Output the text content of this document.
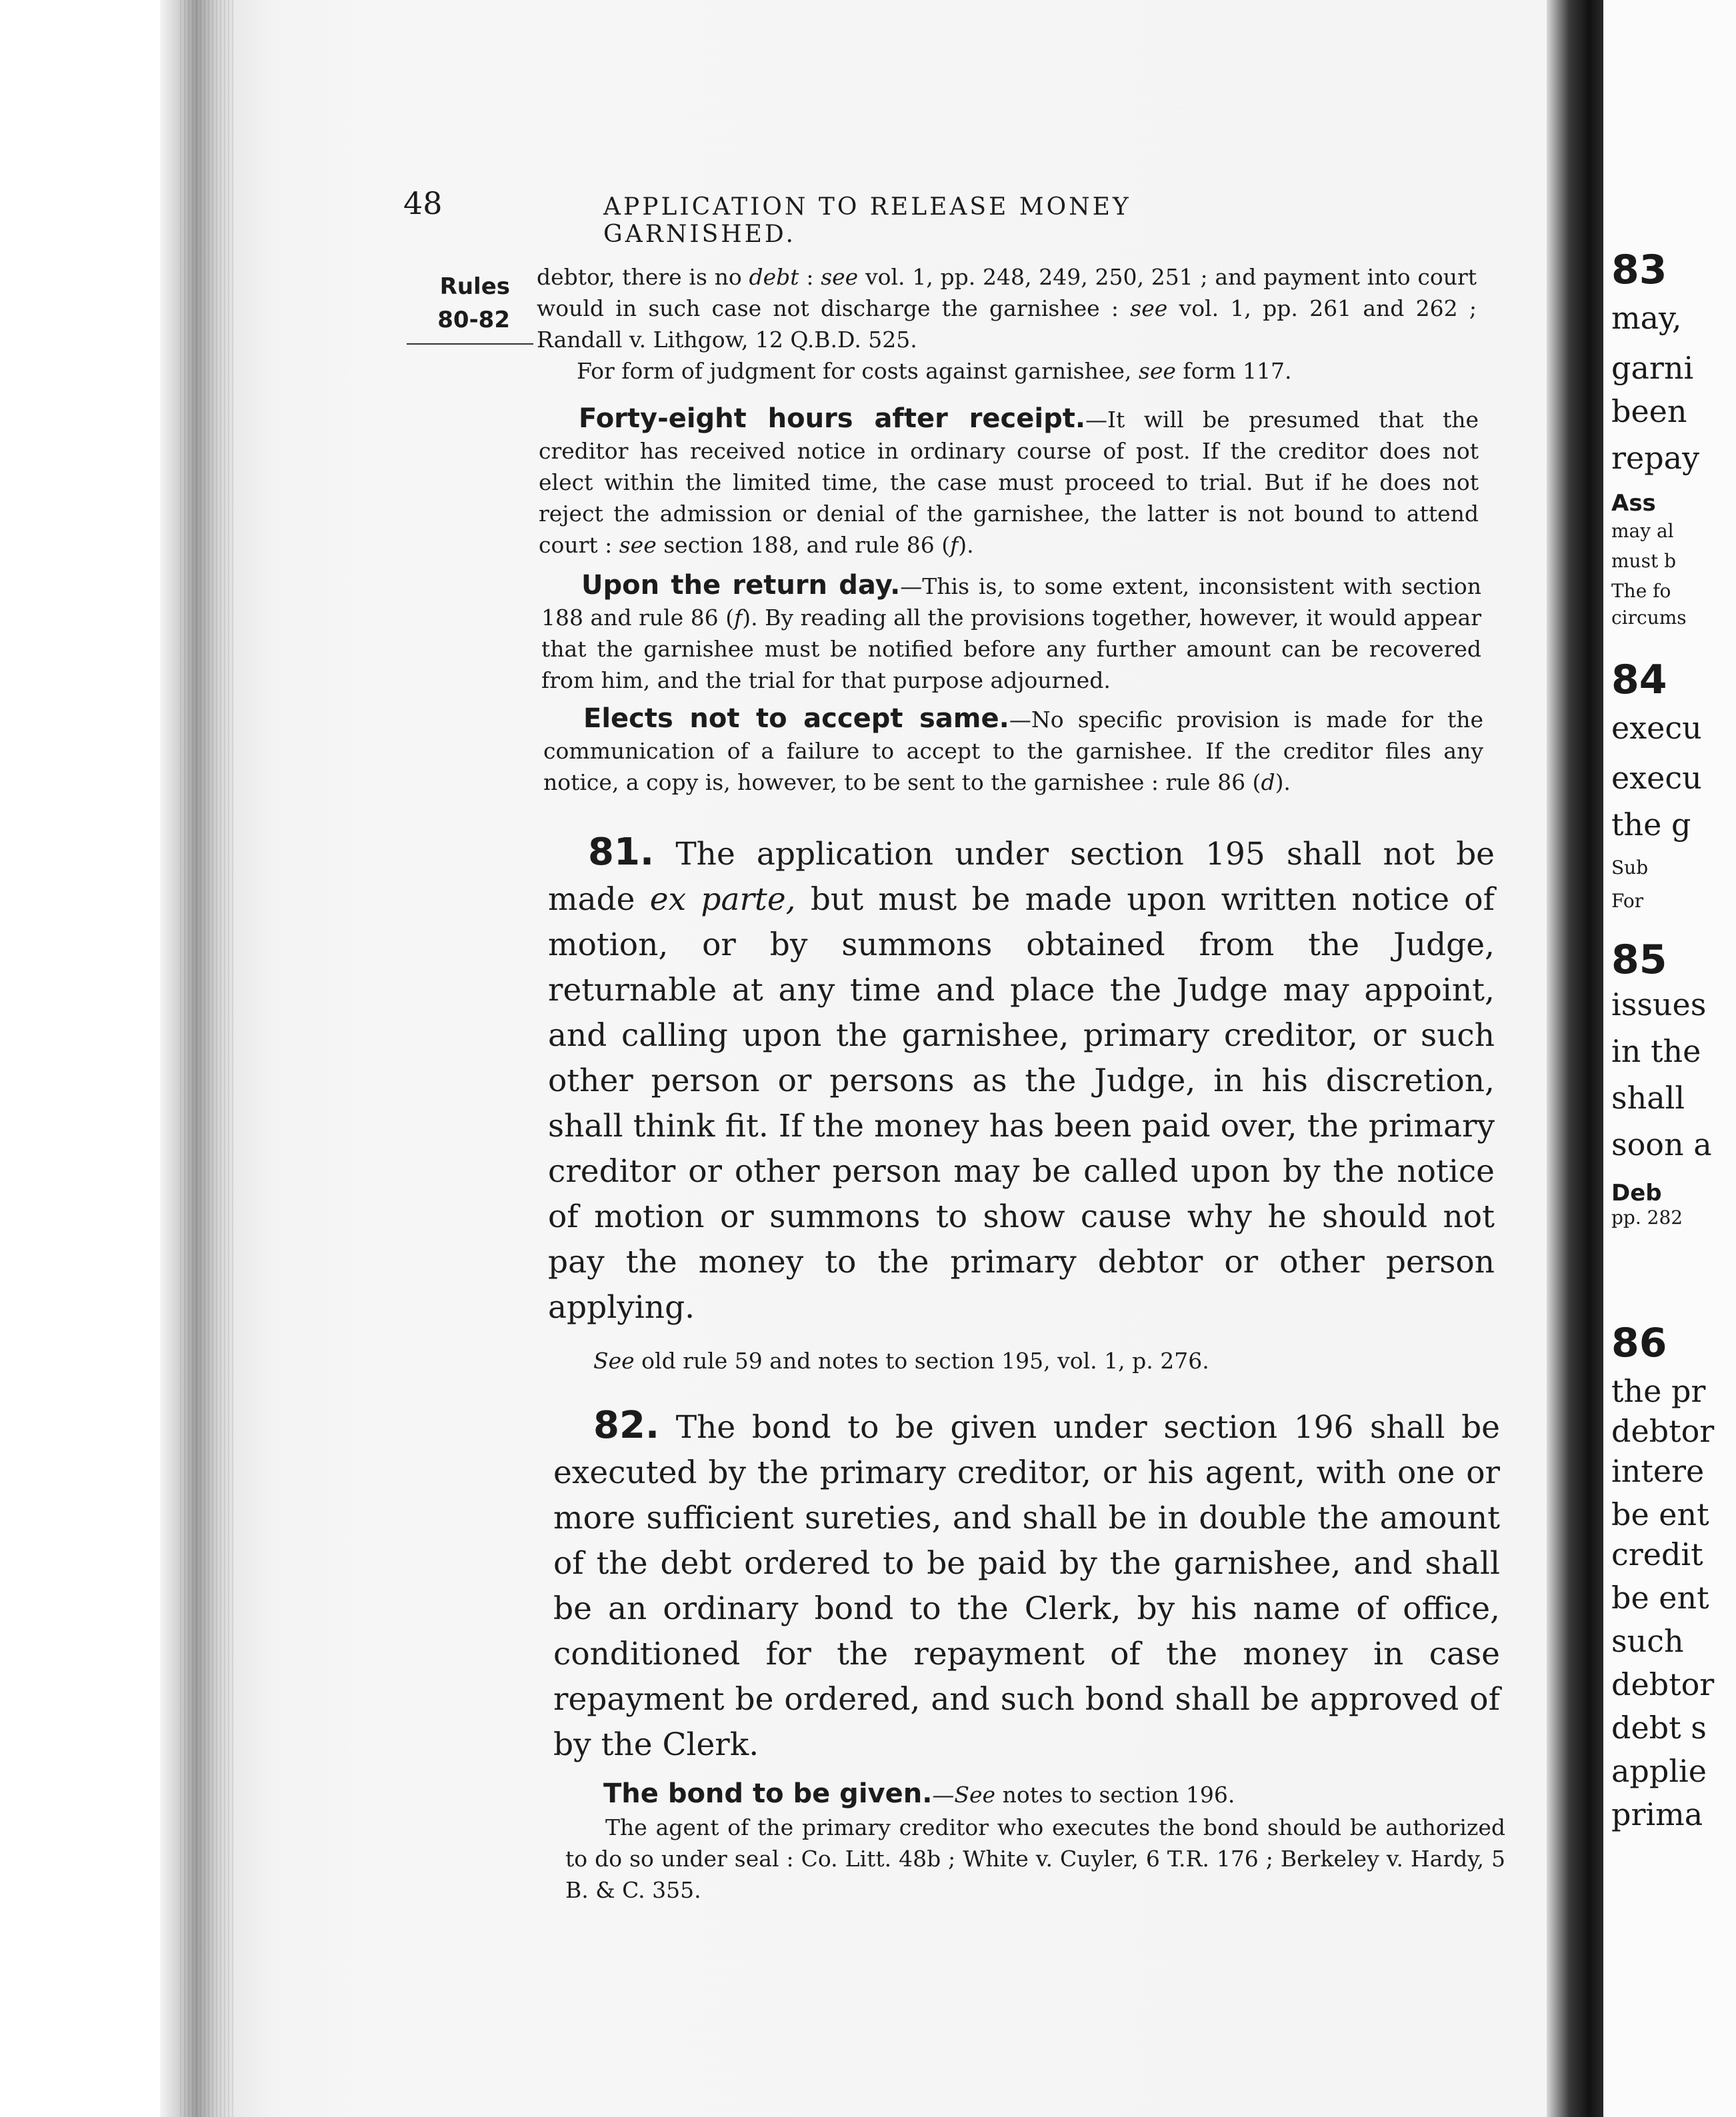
83
may,
garni
been
repay
Ass
may al
must b
The fo
circums
84
execu
execu
the g
Sub
For
85
issues
in the
shall
soon a
Deb
pp. 282
86
the pr
debtor
intere
be ent
credit
be ent
such
debtor
debt s
applie
prima
48	APPLICATION TO RELEASE MONEY GARNISHED.
Rules
80-82
debtor, there is no debt : see vol. 1, pp. 248, 249, 250, 251 ; and payment into court would in such case not discharge the garnishee : see vol. 1, pp. 261 and 262 ; Randall v. Lithgow, 12 Q.B.D. 525.
For form of judgment for costs against garnishee, see form 117.
Forty-eight hours after receipt.—It will be presumed that the creditor has received notice in ordinary course of post. If the creditor does not elect within the limited time, the case must proceed to trial. But if he does not reject the admission or denial of the garnishee, the latter is not bound to attend court : see section 188, and rule 86 (f).
Upon the return day.—This is, to some extent, inconsistent with section 188 and rule 86 (f). By reading all the provisions together, however, it would appear that the garnishee must be notified before any further amount can be recovered from him, and the trial for that purpose adjourned.
Elects not to accept same.—No specific provision is made for the communication of a failure to accept to the garnishee. If the creditor files any notice, a copy is, however, to be sent to the garnishee : rule 86 (d).
81. The application under section 195 shall not be made ex parte, but must be made upon written notice of motion, or by summons obtained from the Judge, returnable at any time and place the Judge may appoint, and calling upon the garnishee, primary creditor, or such other person or persons as the Judge, in his discretion, shall think fit. If the money has been paid over, the primary creditor or other person may be called upon by the notice of motion or summons to show cause why he should not pay the money to the primary debtor or other person applying.
See old rule 59 and notes to section 195, vol. 1, p. 276.
82. The bond to be given under section 196 shall be executed by the primary creditor, or his agent, with one or more sufficient sureties, and shall be in double the amount of the debt ordered to be paid by the garnishee, and shall be an ordinary bond to the Clerk, by his name of office, conditioned for the repayment of the money in case repayment be ordered, and such bond shall be approved of by the Clerk.
The bond to be given.—See notes to section 196.
The agent of the primary creditor who executes the bond should be authorized to do so under seal : Co. Litt. 48b ; White v. Cuyler, 6 T.R. 176 ; Berkeley v. Hardy, 5 B. & C. 355.
